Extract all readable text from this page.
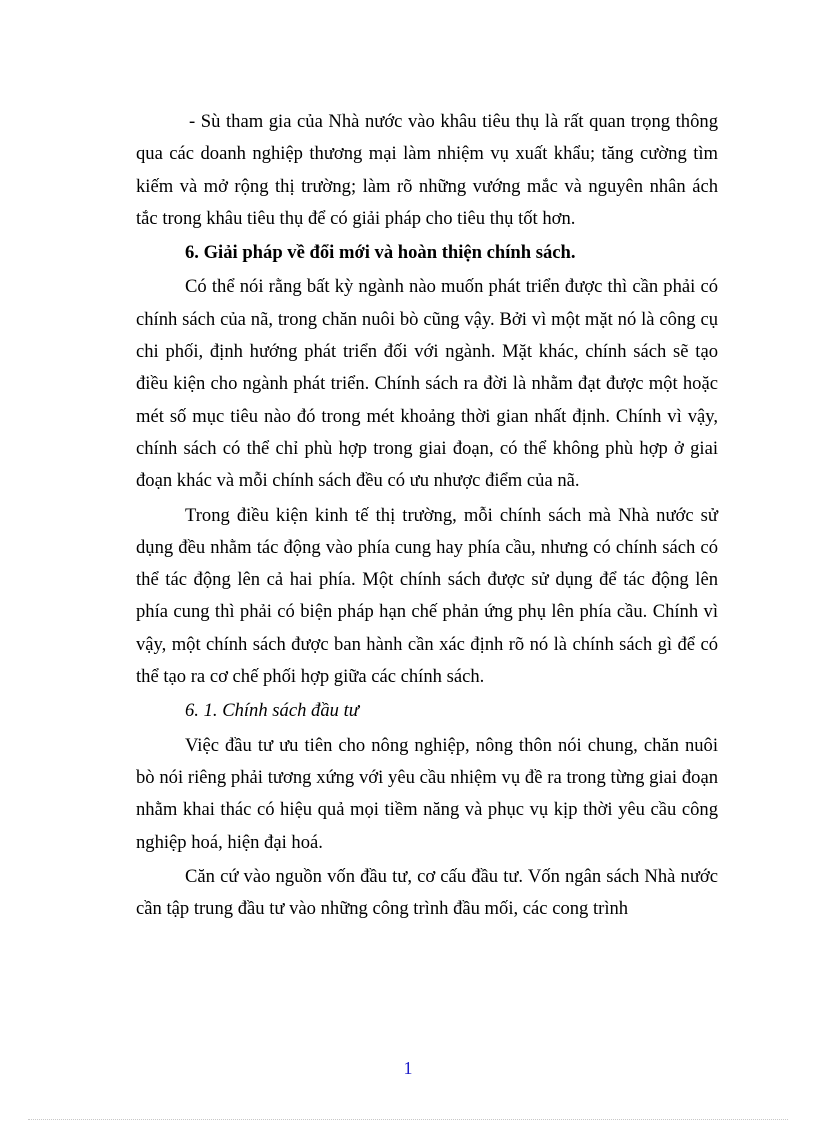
- Sù tham gia của Nhà nước vào khâu tiêu thụ là rất quan trọng thông qua các doanh nghiệp thương mại làm nhiệm vụ xuất khẩu; tăng cường tìm kiếm và mở rộng thị trường; làm rõ những vướng mắc và nguyên nhân ách tắc trong khâu tiêu thụ để có giải pháp cho tiêu thụ tốt hơn.

6. Giải pháp về đổi mới và hoàn thiện chính sách.

Có thể nói rằng bất kỳ ngành nào muốn phát triển được thì cần phải có chính sách của nã, trong chăn nuôi bò cũng vậy. Bởi vì một mặt nó là công cụ chi phối, định hướng phát triển đối với ngành. Mặt khác, chính sách sẽ tạo điều kiện cho ngành phát triển. Chính sách ra đời là nhằm đạt được một hoặc mét số mục tiêu nào đó trong mét khoảng thời gian nhất định. Chính vì vậy, chính sách có thể chỉ phù hợp trong giai đoạn, có thể không phù hợp ở giai đoạn khác và mỗi chính sách đều có ưu nhược điểm của nã.

Trong điều kiện kinh tế thị trường, mỗi chính sách mà Nhà nước sử dụng đều nhằm tác động vào phía cung hay phía cầu, nhưng có chính sách có thể tác động lên cả hai phía. Một chính sách được sử dụng để tác động lên phía cung thì phải có biện pháp hạn chế phản ứng phụ lên phía cầu. Chính vì vậy, một chính sách được ban hành cần xác định rõ nó là chính sách gì để có thể tạo ra cơ chế phối hợp giữa các chính sách.

6. 1. Chính sách đầu tư

Việc đầu tư ưu tiên cho nông nghiệp, nông thôn nói chung, chăn nuôi bò nói riêng phải tương xứng với yêu cầu nhiệm vụ đề ra trong từng giai đoạn nhằm khai thác có hiệu quả mọi tiềm năng và phục vụ kịp thời yêu cầu công nghiệp hoá, hiện đại hoá.

Căn cứ vào nguồn vốn đầu tư, cơ cấu đầu tư. Vốn ngân sách Nhà nước cần tập trung đầu tư vào những công trình đầu mối, các cong trình

1
